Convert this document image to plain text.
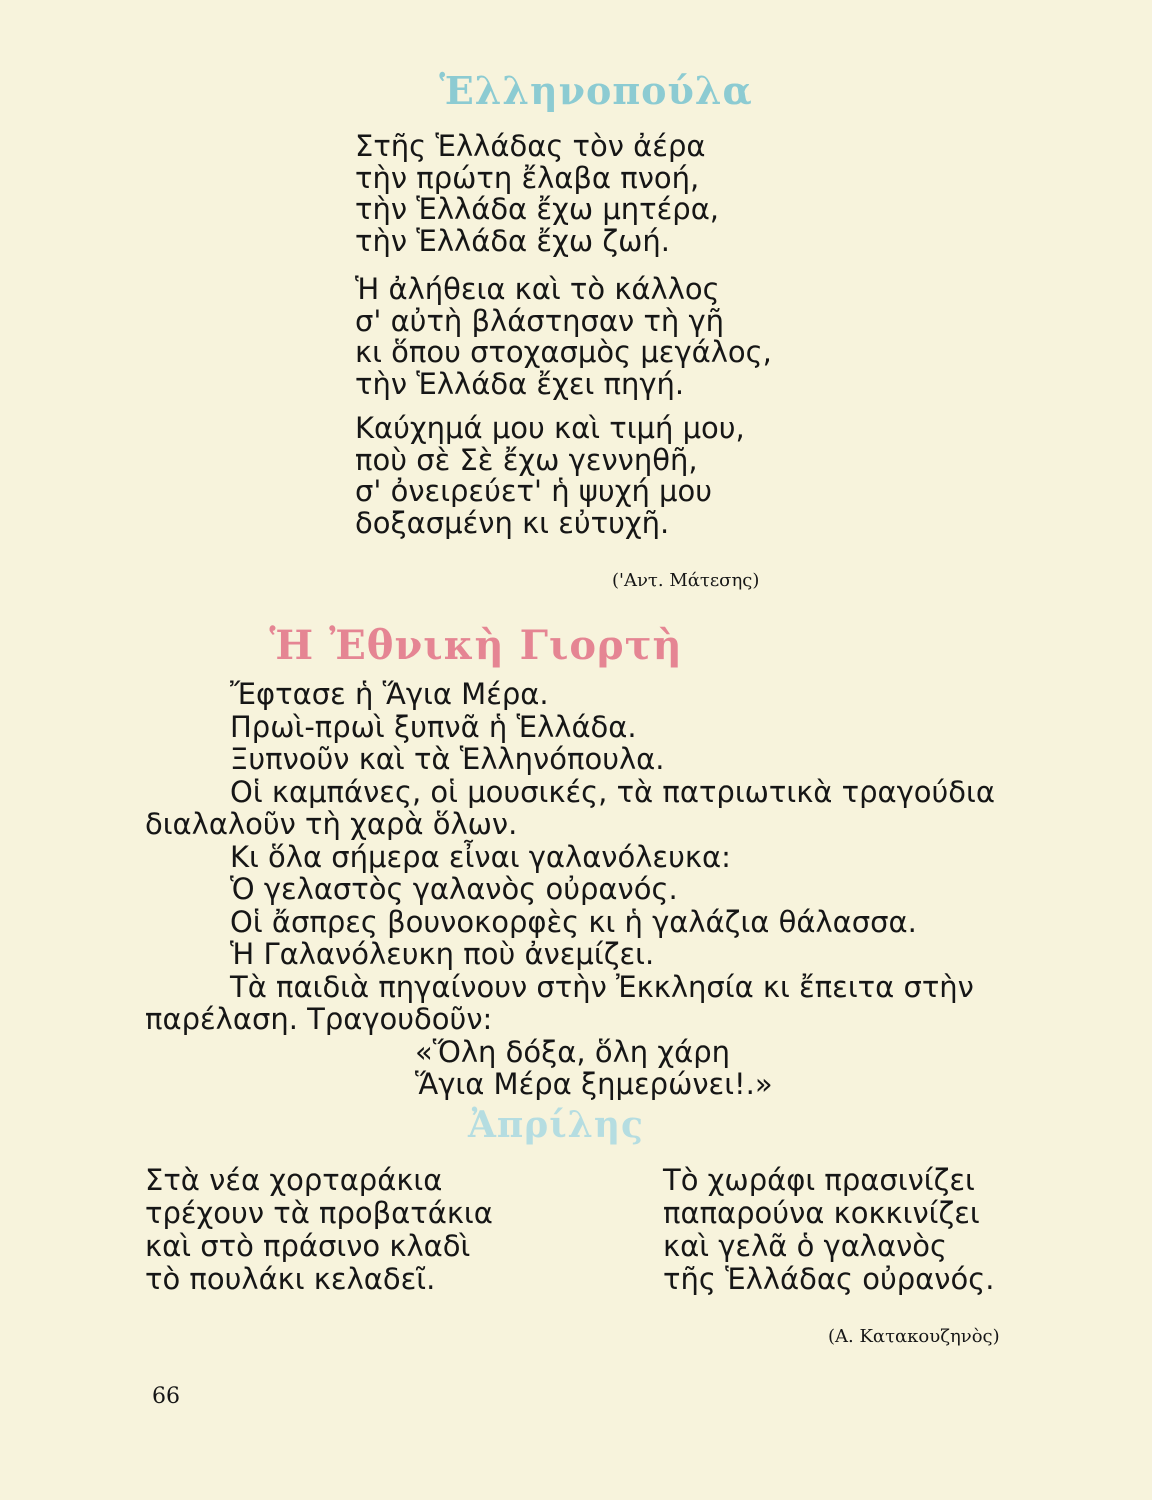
Ἑλληνοπούλα
Στῆς Ἑλλάδας τὸν ἀέρα
τὴν πρώτη ἔλαβα πνοή,
τὴν Ἑλλάδα ἔχω μητέρα,
τὴν Ἑλλάδα ἔχω ζωή.
Ἡ ἀλήθεια καὶ τὸ κάλλος
σ' αὐτὴ βλάστησαν τὴ γῆ
κι ὅπου στοχασμὸς μεγάλος,
τὴν Ἑλλάδα ἔχει πηγή.
Καύχημά μου καὶ τιμή μου,
ποὺ σὲ Σὲ ἔχω γεννηθῆ,
σ' ὀνειρεύετ' ἡ ψυχή μου
δοξασμένη κι εὐτυχῆ.
('Αντ. Μάτεσης)
Ἡ Ἐθνικὴ Γιορτὴ
Ἔφτασε ἡ Ἅγια Μέρα.
Πρωὶ-πρωὶ ξυπνᾶ ἡ Ἑλλάδα.
Ξυπνοῦν καὶ τὰ Ἑλληνόπουλα.
Οἱ καμπάνες, οἱ μουσικές, τὰ πατριωτικὰ τραγούδια
διαλαλοῦν τὴ χαρὰ ὅλων.
Κι ὅλα σήμερα εἶναι γαλανόλευκα:
Ὁ γελαστὸς γαλανὸς οὐρανός.
Οἱ ἄσπρες βουνοκορφὲς κι ἡ γαλάζια θάλασσα.
Ἡ Γαλανόλευκη ποὺ ἀνεμίζει.
Τὰ παιδιὰ πηγαίνουν στὴν Ἐκκλησία κι ἔπειτα στὴν
παρέλαση. Τραγουδοῦν:
«Ὅλη δόξα, ὅλη χάρη
Ἅγια Μέρα ξημερώνει!.»
Ἀπρίλης
Στὰ νέα χορταράκια
τρέχουν τὰ προβατάκια
καὶ στὸ πράσινο κλαδὶ
τὸ πουλάκι κελαδεῖ.
Τὸ χωράφι πρασινίζει
παπαρούνα κοκκινίζει
καὶ γελᾶ ὁ γαλανὸς
τῆς Ἑλλάδας οὐρανός.
(Α. Κατακουζηνὸς)
66
